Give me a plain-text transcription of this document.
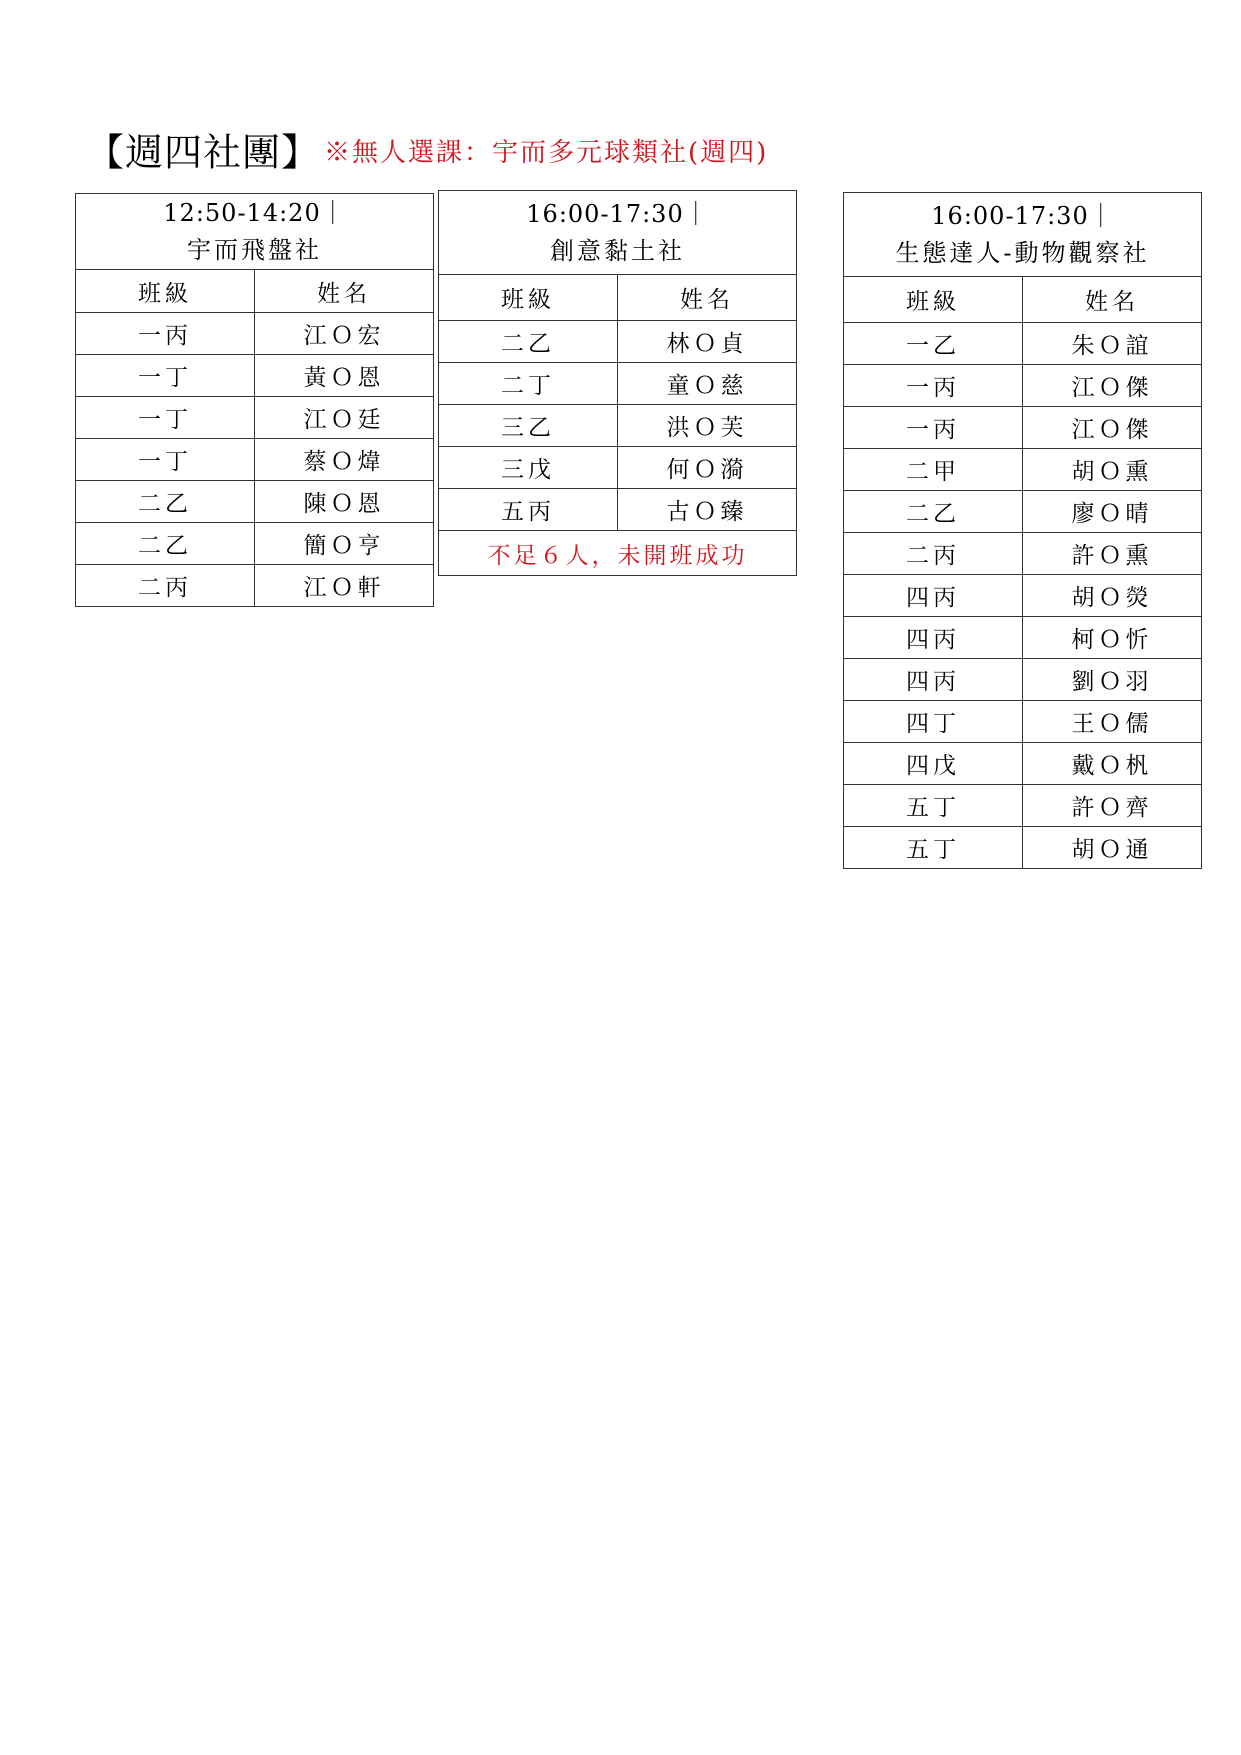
【週四社團】 ※無人選課：宇而多元球類社(週四)
12:50-14:20｜
宇而飛盤社	

班級	姓名
一丙	江Ｏ宏
一丁	黃Ｏ恩
一丁	江Ｏ廷
一丁	蔡Ｏ煒
二乙	陳Ｏ恩
二乙	簡Ｏ亨
二丙	江Ｏ軒
16:00-17:30｜
創意黏土社	

班級	姓名
二乙	林Ｏ貞
二丁	童Ｏ慈
三乙	洪Ｏ芙
三戊	何Ｏ漪
五丙	古Ｏ臻
不足６人，未開班成功	
16:00-17:30｜
生態達人-動物觀察社	

班級	姓名
一乙	朱Ｏ誼
一丙	江Ｏ傑
一丙	江Ｏ傑
二甲	胡Ｏ熏
二乙	廖Ｏ晴
二丙	許Ｏ熏
四丙	胡Ｏ熒
四丙	柯Ｏ忻
四丙	劉Ｏ羽
四丁	王Ｏ儒
四戊	戴Ｏ杋
五丁	許Ｏ齊
五丁	胡Ｏ通
